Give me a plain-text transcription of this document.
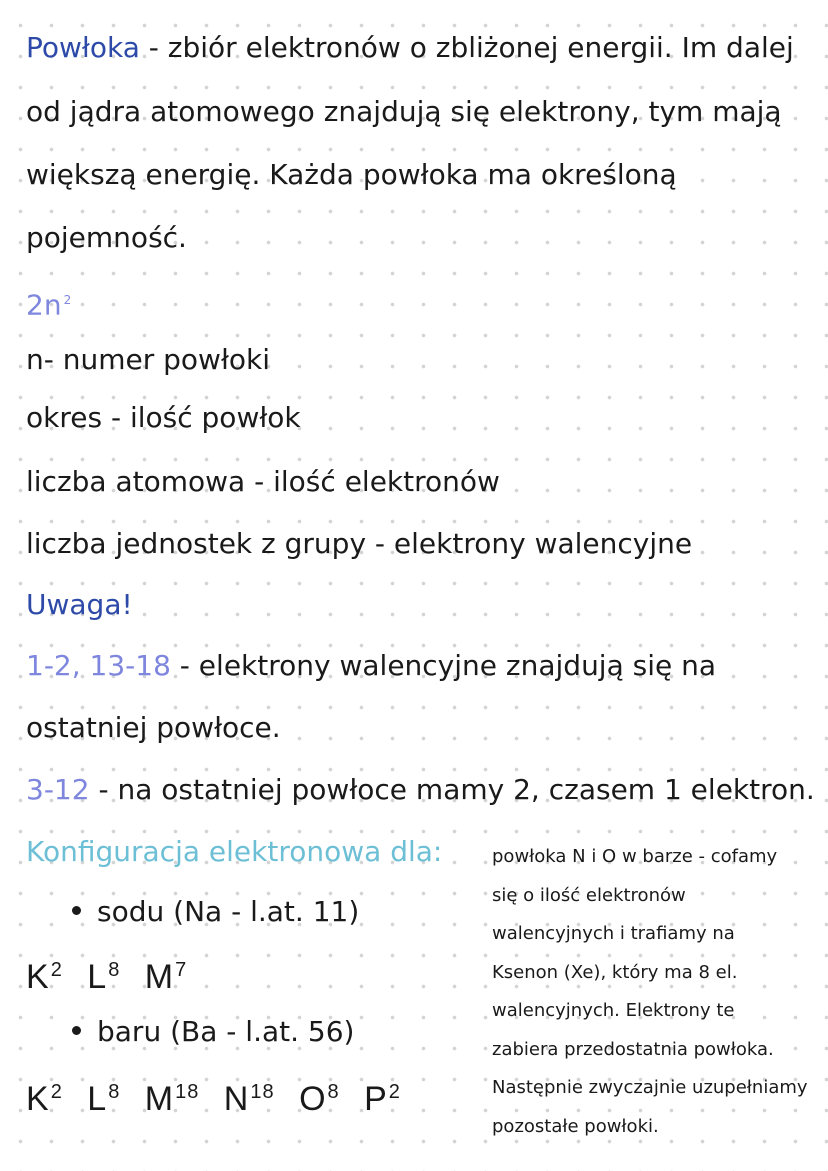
Powłoka - zbiór elektronów o zbliżonej energii. Im dalej
od jądra atomowego znajdują się elektrony, tym mają
większą energię. Każda powłoka ma określoną
pojemność.
2n $^2$
n- numer powłoki
okres - ilość powłok
liczba atomowa - ilość elektronów
liczba jednostek z grupy - elektrony walencyjne
Uwaga!
1-2, 13-18 - elektrony walencyjne znajdują się na
ostatniej powłoce.
3-12 - na ostatniej powłoce mamy 2, czasem 1 elektron.
Konfiguracja elektronowa dla:
sodu (Na - l.at. 11)
$K^2$ $L^8$ $M^7$
baru (Ba - l.at. 56)
$K^2$ $L^8$ $M^{18}$ $N^{18}$ $O^8$ $P^2$
powłoka N i O w barze - cofamy
się o ilość elektronów
walencyjnych i trafiamy na
Ksenon (Xe), który ma 8 el.
walencyjnych. Elektrony te
zabiera przedostatnia powłoka.
Następnie zwyczajnie uzupełniamy
pozostałe powłoki.
